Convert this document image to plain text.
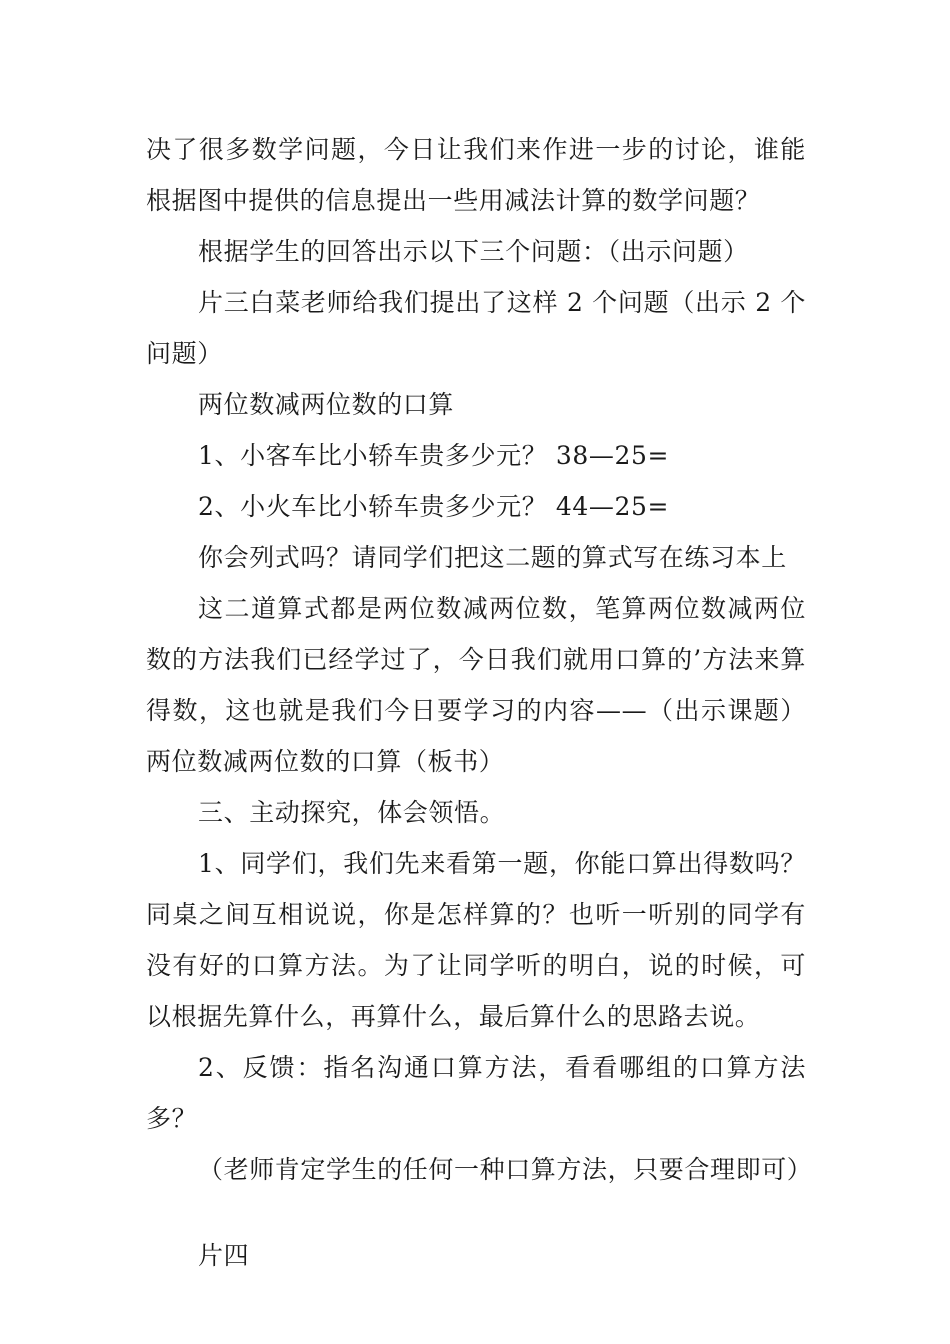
决了很多数学问题，今日让我们来作进一步的讨论，谁能根据图中提供的信息提出一些用减法计算的数学问题？

根据学生的回答出示以下三个问题：（出示问题）

片三白菜老师给我们提出了这样 2 个问题（出示 2 个问题）

两位数减两位数的口算

1、小客车比小轿车贵多少元？ 38—25=

2、小火车比小轿车贵多少元？ 44—25=

你会列式吗？请同学们把这二题的算式写在练习本上

这二道算式都是两位数减两位数，笔算两位数减两位数的方法我们已经学过了，今日我们就用口算的’方法来算得数，这也就是我们今日要学习的内容——（出示课题）两位数减两位数的口算（板书）

三、主动探究，体会领悟。

1、同学们，我们先来看第一题，你能口算出得数吗？同桌之间互相说说，你是怎样算的？也听一听别的同学有没有好的口算方法。为了让同学听的明白，说的时候，可以根据先算什么，再算什么，最后算什么的思路去说。

2、反馈：指名沟通口算方法，看看哪组的口算方法多？

（老师肯定学生的任何一种口算方法，只要合理即可）

片四
